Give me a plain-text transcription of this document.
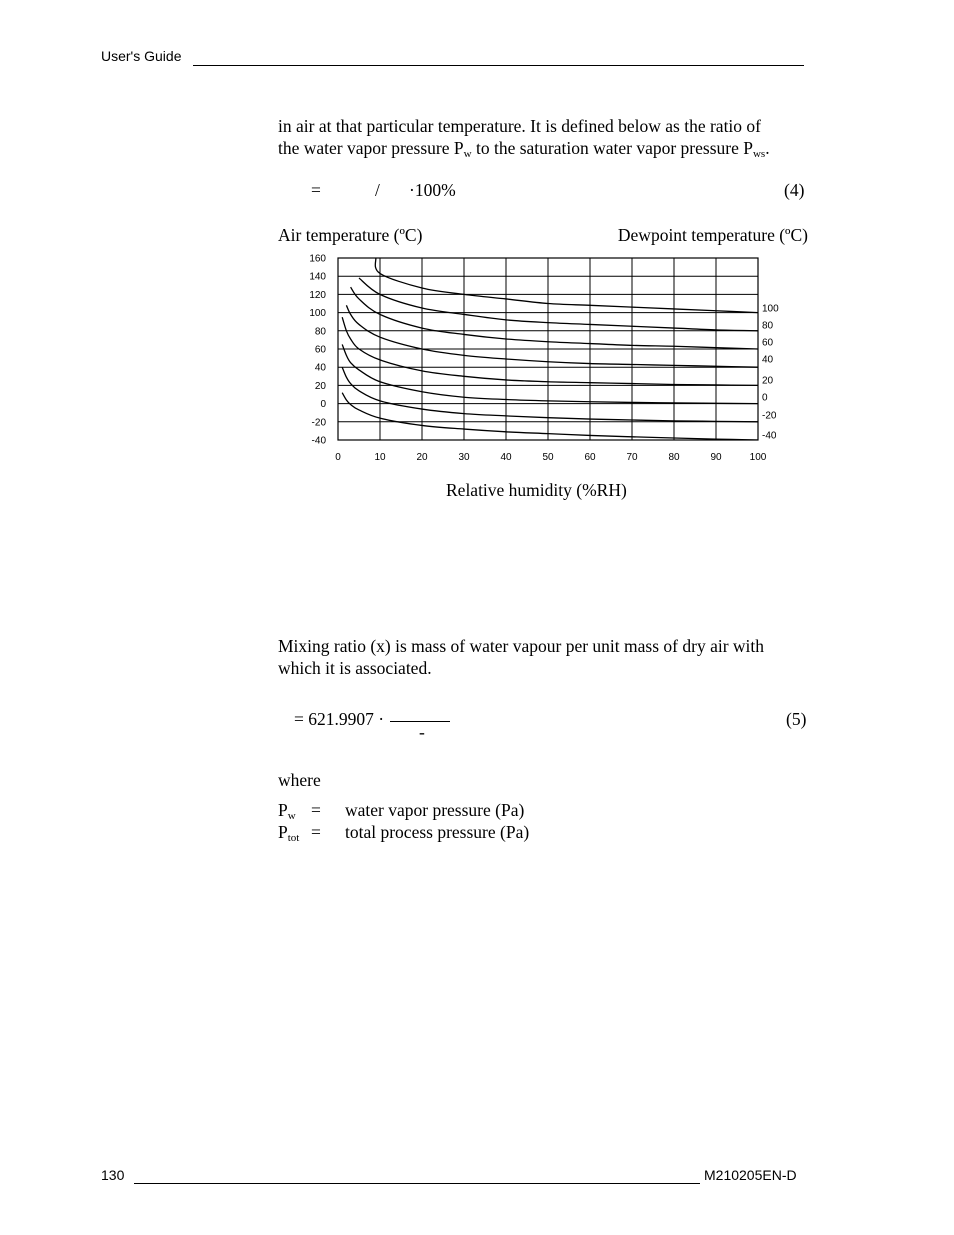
User's Guide
in air at that particular temperature. It is defined below as the ratio of
the water vapor pressure $P_w$ to the saturation water vapor pressure $P_{ws}$.
=	/ ·100%	(4)
Air temperature (ºC)	Dewpoint temperature (ºC)
-40
-20
0
20
40
60
80
100
120
140
160
0	10	20	30	40	50	60	70	80	90	100
-40
-20
0
20
40
60
80
100
Relative humidity (%RH)
Mixing ratio (x) is mass of water vapour per unit mass of dry air with
which it is associated.
= 621.9907 ·
-
(5)
where
$P_w$ = water vapor pressure (Pa)
$P_{tot}$ = total process pressure (Pa)
130	M210205EN-D
